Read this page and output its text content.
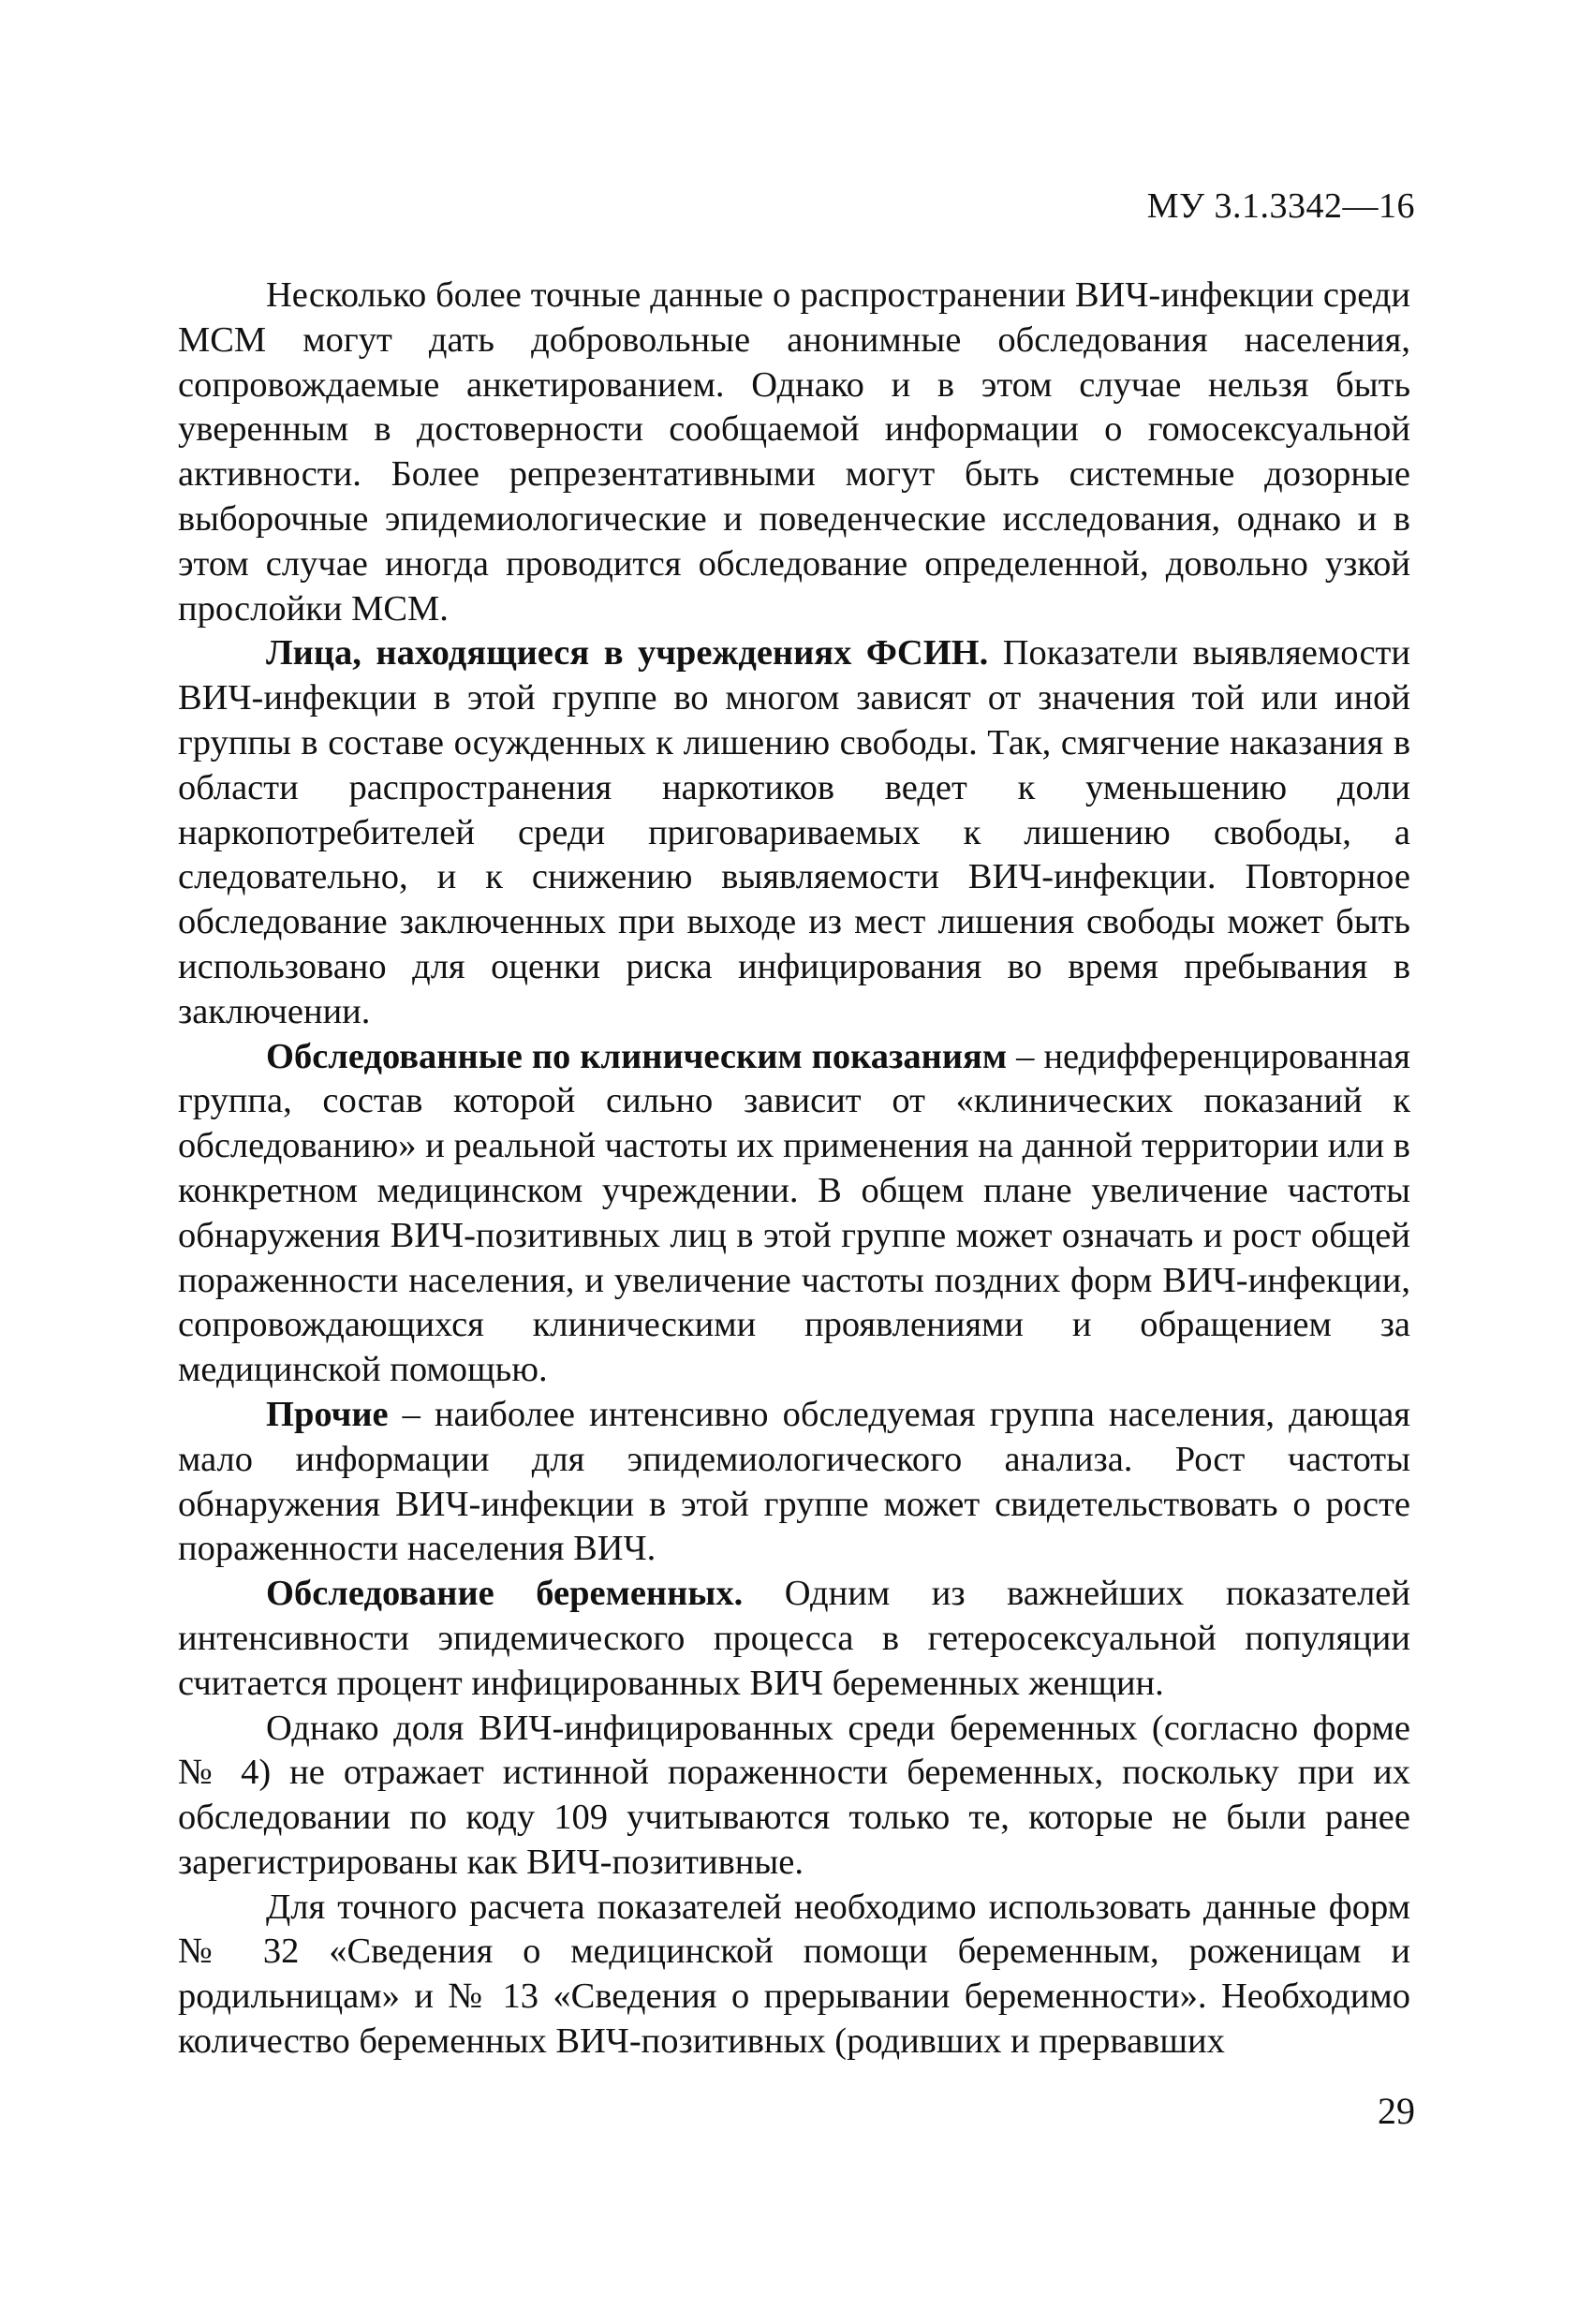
МУ 3.1.3342—16

Несколько более точные данные о распространении ВИЧ-инфекции среди МСМ могут дать добровольные анонимные обследования населения, сопровождаемые анкетированием. Однако и в этом случае нельзя быть уверенным в достоверности сообщаемой информации о гомосексуальной активности. Более репрезентативными могут быть системные дозорные выборочные эпидемиологические и поведенческие исследования, однако и в этом случае иногда проводится обследование определенной, довольно узкой прослойки МСМ.

Лица, находящиеся в учреждениях ФСИН. Показатели выявляемости ВИЧ-инфекции в этой группе во многом зависят от значения той или иной группы в составе осужденных к лишению свободы. Так, смягчение наказания в области распространения наркотиков ведет к уменьшению доли наркопотребителей среди приговариваемых к лишению свободы, а следовательно, и к снижению выявляемости ВИЧ-инфекции. Повторное обследование заключенных при выходе из мест лишения свободы может быть использовано для оценки риска инфицирования во время пребывания в заключении.

Обследованные по клиническим показаниям – недифференцированная группа, состав которой сильно зависит от «клинических показаний к обследованию» и реальной частоты их применения на данной территории или в конкретном медицинском учреждении. В общем плане увеличение частоты обнаружения ВИЧ-позитивных лиц в этой группе может означать и рост общей пораженности населения, и увеличение частоты поздних форм ВИЧ-инфекции, сопровождающихся клиническими проявлениями и обращением за медицинской помощью.

Прочие – наиболее интенсивно обследуемая группа населения, дающая мало информации для эпидемиологического анализа. Рост частоты обнаружения ВИЧ-инфекции в этой группе может свидетельствовать о росте пораженности населения ВИЧ.

Обследование беременных. Одним из важнейших показателей интенсивности эпидемического процесса в гетеросексуальной популяции считается процент инфицированных ВИЧ беременных женщин.

Однако доля ВИЧ-инфицированных среди беременных (согласно форме № 4) не отражает истинной пораженности беременных, поскольку при их обследовании по коду 109 учитываются только те, которые не были ранее зарегистрированы как ВИЧ-позитивные.

Для точного расчета показателей необходимо использовать данные форм № 32 «Сведения о медицинской помощи беременным, роженицам и родильницам» и № 13 «Сведения о прерывании беременности». Необходимо количество беременных ВИЧ-позитивных (родивших и прервавших

29
